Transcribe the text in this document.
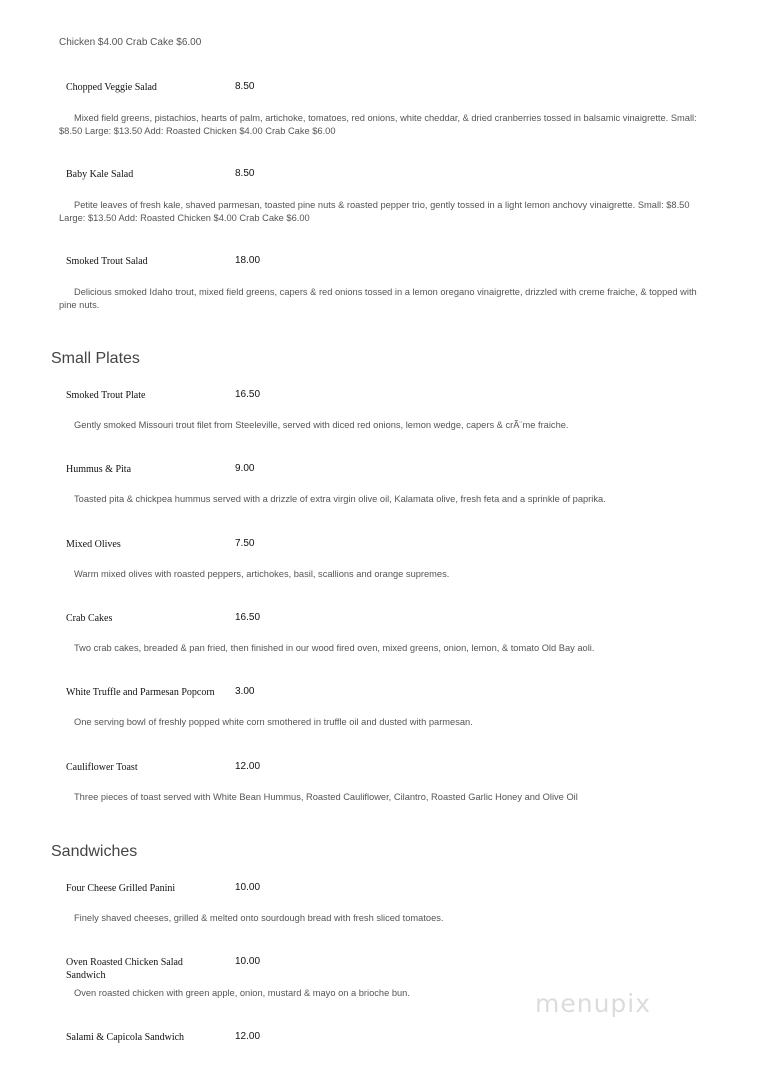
Chicken $4.00 Crab Cake $6.00
Chopped Veggie Salad	8.50
Mixed field greens, pistachios, hearts of palm, artichoke, tomatoes, red onions, white cheddar, & dried cranberries tossed in balsamic vinaigrette. Small: $8.50 Large: $13.50 Add: Roasted Chicken $4.00 Crab Cake $6.00
Baby Kale Salad	8.50
Petite leaves of fresh kale, shaved parmesan, toasted pine nuts & roasted pepper trio, gently tossed in a light lemon anchovy vinaigrette. Small: $8.50 Large: $13.50 Add: Roasted Chicken $4.00 Crab Cake $6.00
Smoked Trout Salad	18.00
Delicious smoked Idaho trout, mixed field greens, capers & red onions tossed in a lemon oregano vinaigrette, drizzled with creme fraiche, & topped with pine nuts.
Small Plates
Smoked Trout Plate	16.50
Gently smoked Missouri trout filet from Steeleville, served with diced red onions, lemon wedge, capers & crÃ¨me fraiche.
Hummus & Pita	9.00
Toasted pita & chickpea hummus served with a drizzle of extra virgin olive oil, Kalamata olive, fresh feta and a sprinkle of paprika.
Mixed Olives	7.50
Warm mixed olives with roasted peppers, artichokes, basil, scallions and orange supremes.
Crab Cakes	16.50
Two crab cakes, breaded & pan fried, then finished in our wood fired oven, mixed greens, onion, lemon, & tomato Old Bay aoli.
White Truffle and Parmesan Popcorn	3.00
One serving bowl of freshly popped white corn smothered in truffle oil and dusted with parmesan.
Cauliflower Toast	12.00
Three pieces of toast served with White Bean Hummus, Roasted Cauliflower, Cilantro, Roasted Garlic Honey and Olive Oil
Sandwiches
Four Cheese Grilled Panini	10.00
Finely shaved cheeses, grilled & melted onto sourdough bread with fresh sliced tomatoes.
Oven Roasted Chicken Salad Sandwich
10.00
Oven roasted chicken with green apple, onion, mustard & mayo on a brioche bun.
Salami & Capicola Sandwich	12.00
menupix
